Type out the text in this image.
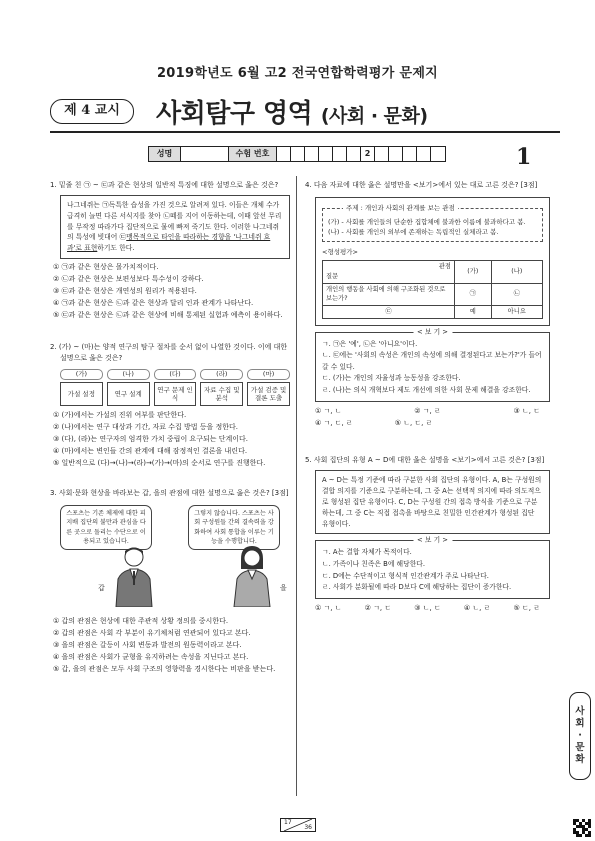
2019학년도 6월 고2 전국연합학력평가 문제지
제 4 교시	사회탐구 영역 (사회 · 문화)
성명	수험 번호	2	1
1. 밑줄 친 ㉠ ~ ㉢과 같은 현상의 일반적 특징에 대한 설명으로 옳은 것은?
나그네쥐는 ㉠독특한 습성을 가진 것으로 알려져 있다. 이들은 개체 수가 급격히 늘면 다른 서식지를 찾아 ㉡떼를 지어 이동하는데, 이때 앞선 무리를 무작정 따라가다 집단적으로 물에 빠져 죽기도 한다. 이러한 나그네쥐의 특성에 빗대어 ㉢맹목적으로 타인을 따라하는 경향을 '나그네쥐 효과'로 표현하기도 한다.
① ㉠과 같은 현상은 몰가치적이다.
② ㉡과 같은 현상은 보편성보다 특수성이 강하다.
③ ㉢과 같은 현상은 개연성의 원리가 적용된다.
④ ㉠과 같은 현상은 ㉡과 같은 현상과 달리 인과 관계가 나타난다.
⑤ ㉢과 같은 현상은 ㉡과 같은 현상에 비해 통제된 실험과 예측이 용이하다.
2. (가) ~ (마)는 양적 연구의 탐구 절차를 순서 없이 나열한 것이다. 이에 대한 설명으로 옳은 것은?
(가)
가설 설정
(나)
연구 설계
(다)
연구 문제 인식
(라)
자료 수집 및 분석
(마)
가설 검증 및 결론 도출
① (가)에서는 가설의 진위 여부를 판단한다.
② (나)에서는 연구 대상과 기간, 자료 수집 방법 등을 정한다.
③ (다), (라)는 연구자의 엄격한 가치 중립이 요구되는 단계이다.
④ (마)에서는 변인들 간의 관계에 대해 잠정적인 결론을 내린다.
⑤ 일반적으로 (다)→(나)→(라)→(가)→(마)의 순서로 연구를 진행한다.
3. 사회·문화 현상을 바라보는 갑, 을의 관점에 대한 설명으로 옳은 것은? [3점]
스포츠는 기존 체제에 대한 피지배 집단의 불만과 관심을 다른 곳으로 돌리는 수단으로 이용되고 있습니다.
그렇지 않습니다. 스포츠는 사회 구성원들 간의 결속력을 강화하여 사회 통합을 이루는 기능을 수행합니다.
갑	을
① 갑의 관점은 현상에 대한 주관적 상황 정의를 중시한다.
② 갑의 관점은 사회 각 부분이 유기체처럼 연관되어 있다고 본다.
③ 을의 관점은 갈등이 사회 변동과 발전의 원동력이라고 본다.
④ 을의 관점은 사회가 균형을 유지하려는 속성을 지닌다고 본다.
⑤ 갑, 을의 관점은 모두 사회 구조의 영향력을 경시한다는 비판을 받는다.
4. 다음 자료에 대한 옳은 설명만을 <보기>에서 있는 대로 고른 것은? [3점]
주제 : 개인과 사회의 관계를 보는 관점
(가) - 사회를 개인들의 단순한 집합체에 불과한 이름에 불과하다고 봄.
(나) - 사회를 개인의 외부에 존재하는 독립적인 실체라고 봄.
<형성평가>
관점

질문	(가)	(나)
개인의 행동을 사회에 의해 구조화된 것으로 보는가?	㉠	㉡
㉢	예	아니요
< 보 기 >
ㄱ. ㉠은 '예', ㉡은 '아니요'이다.
ㄴ. ㉢에는 '사회의 속성은 개인의 속성에 의해 결정된다고 보는가?'가 들어갈 수 있다.
ㄷ. (가)는 개인의 자율성과 능동성을 강조한다.
ㄹ. (나)는 의식 개혁보다 제도 개선에 의한 사회 문제 해결을 강조한다.
① ㄱ, ㄴ	② ㄱ, ㄹ	③ ㄴ, ㄷ
④ ㄱ, ㄷ, ㄹ	⑤ ㄴ, ㄷ, ㄹ
5. 사회 집단의 유형 A ~ D에 대한 옳은 설명을 <보기>에서 고른 것은? [3점]
A ~ D는 특정 기준에 따라 구분한 사회 집단의 유형이다. A, B는 구성원의 결합 의지를 기준으로 구분하는데, 그 중 A는 선택적 의지에 따라 의도적으로 형성된 집단 유형이다. C, D는 구성원 간의 접촉 방식을 기준으로 구분하는데, 그 중 C는 직접 접촉을 바탕으로 친밀한 인간관계가 형성된 집단 유형이다.
< 보 기 >
ㄱ. A는 결합 자체가 목적이다.
ㄴ. 가족이나 친족은 B에 해당한다.
ㄷ. D에는 수단적이고 형식적 인간관계가 주로 나타난다.
ㄹ. 사회가 분화될에 따라 D보다 C에 해당하는 집단이 증가한다.
① ㄱ, ㄴ	② ㄱ, ㄷ	③ ㄴ, ㄷ	④ ㄴ, ㄹ	⑤ ㄷ, ㄹ
사
회
·
문
화
17
36
